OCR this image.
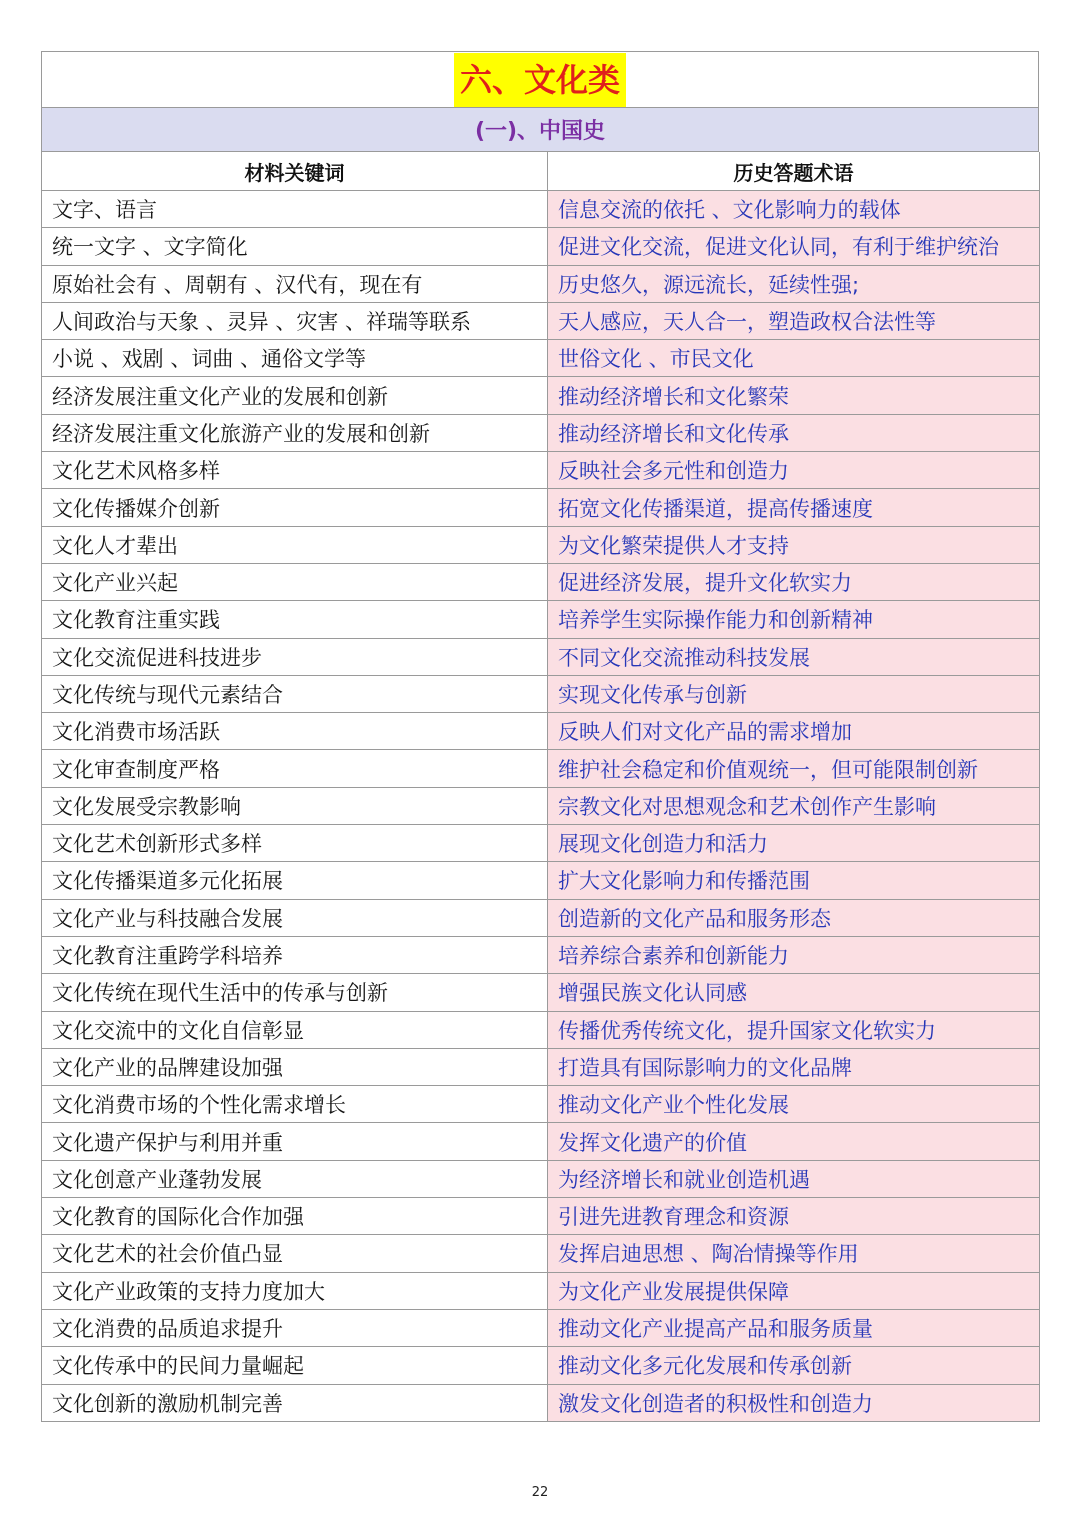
六、文化类
(一)、中国史
材料关键词	历史答题术语
文字、语言	信息交流的依托 、文化影响力的载体
统一文字 、文字简化	促进文化交流，促进文化认同，有利于维护统治
原始社会有 、周朝有 、汉代有，现在有	历史悠久，源远流长，延续性强;
人间政治与天象 、灵异 、灾害 、祥瑞等联系	天人感应，天人合一，塑造政权合法性等
小说 、戏剧 、词曲 、通俗文学等	世俗文化 、市民文化
经济发展注重文化产业的发展和创新	推动经济增长和文化繁荣
经济发展注重文化旅游产业的发展和创新	推动经济增长和文化传承
文化艺术风格多样	反映社会多元性和创造力
文化传播媒介创新	拓宽文化传播渠道，提高传播速度
文化人才辈出	为文化繁荣提供人才支持
文化产业兴起	促进经济发展，提升文化软实力
文化教育注重实践	培养学生实际操作能力和创新精神
文化交流促进科技进步	不同文化交流推动科技发展
文化传统与现代元素结合	实现文化传承与创新
文化消费市场活跃	反映人们对文化产品的需求增加
文化审查制度严格	维护社会稳定和价值观统一，但可能限制创新
文化发展受宗教影响	宗教文化对思想观念和艺术创作产生影响
文化艺术创新形式多样	展现文化创造力和活力
文化传播渠道多元化拓展	扩大文化影响力和传播范围
文化产业与科技融合发展	创造新的文化产品和服务形态
文化教育注重跨学科培养	培养综合素养和创新能力
文化传统在现代生活中的传承与创新	增强民族文化认同感
文化交流中的文化自信彰显	传播优秀传统文化，提升国家文化软实力
文化产业的品牌建设加强	打造具有国际影响力的文化品牌
文化消费市场的个性化需求增长	推动文化产业个性化发展
文化遗产保护与利用并重	发挥文化遗产的价值
文化创意产业蓬勃发展	为经济增长和就业创造机遇
文化教育的国际化合作加强	引进先进教育理念和资源
文化艺术的社会价值凸显	发挥启迪思想 、陶冶情操等作用
文化产业政策的支持力度加大	为文化产业发展提供保障
文化消费的品质追求提升	推动文化产业提高产品和服务质量
文化传承中的民间力量崛起	推动文化多元化发展和传承创新
文化创新的激励机制完善	激发文化创造者的积极性和创造力
22
